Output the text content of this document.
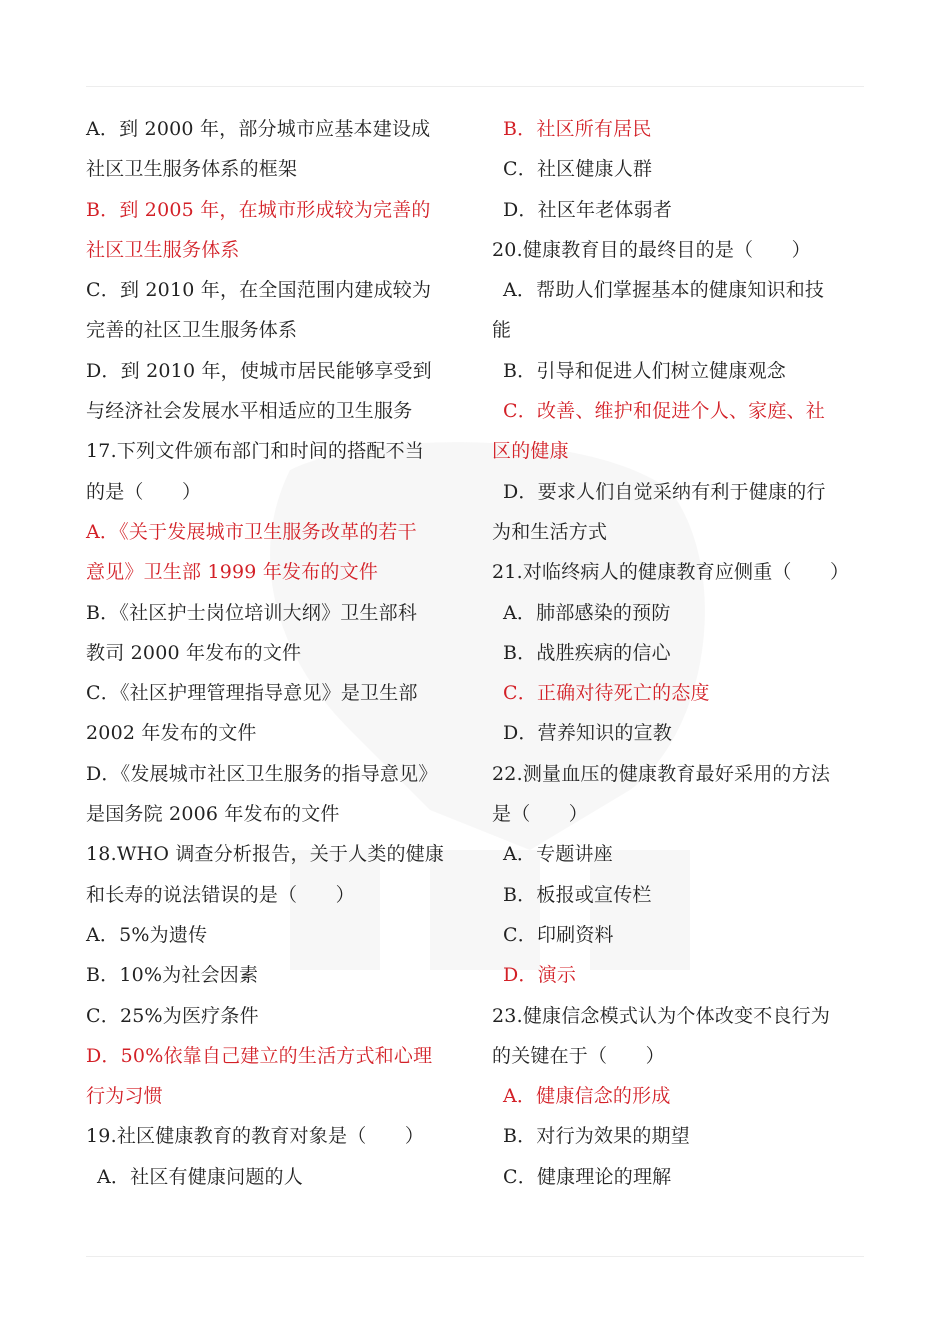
A．到 2000 年，部分城市应基本建设成
社区卫生服务体系的框架
B．到 2005 年，在城市形成较为完善的
社区卫生服务体系
C．到 2010 年，在全国范围内建成较为
完善的社区卫生服务体系
D．到 2010 年，使城市居民能够享受到
与经济社会发展水平相适应的卫生服务
17.下列文件颁布部门和时间的搭配不当
的是（　　）
A．《关于发展城市卫生服务改革的若干
意见》卫生部 1999 年发布的文件
B．《社区护士岗位培训大纲》卫生部科
教司 2000 年发布的文件
C．《社区护理管理指导意见》是卫生部
2002 年发布的文件
D．《发展城市社区卫生服务的指导意见》
是国务院 2006 年发布的文件
18.WHO 调查分析报告，关于人类的健康
和长寿的说法错误的是（　　）
A．5%为遗传
B．10%为社会因素
C．25%为医疗条件
D．50%依靠自己建立的生活方式和心理
行为习惯
19.社区健康教育的教育对象是（　　）
A．社区有健康问题的人
B．社区所有居民
C．社区健康人群
D．社区年老体弱者
20.健康教育目的最终目的是（　　）
A．帮助人们掌握基本的健康知识和技
能
B．引导和促进人们树立健康观念
C．改善、维护和促进个人、家庭、社
区的健康
D．要求人们自觉采纳有利于健康的行
为和生活方式
21.对临终病人的健康教育应侧重（　　）
A．肺部感染的预防
B．战胜疾病的信心
C．正确对待死亡的态度
D．营养知识的宣教
22.测量血压的健康教育最好采用的方法
是（　　）
A．专题讲座
B．板报或宣传栏
C．印刷资料
D．演示
23.健康信念模式认为个体改变不良行为
的关键在于（　　）
A．健康信念的形成
B．对行为效果的期望
C．健康理论的理解
